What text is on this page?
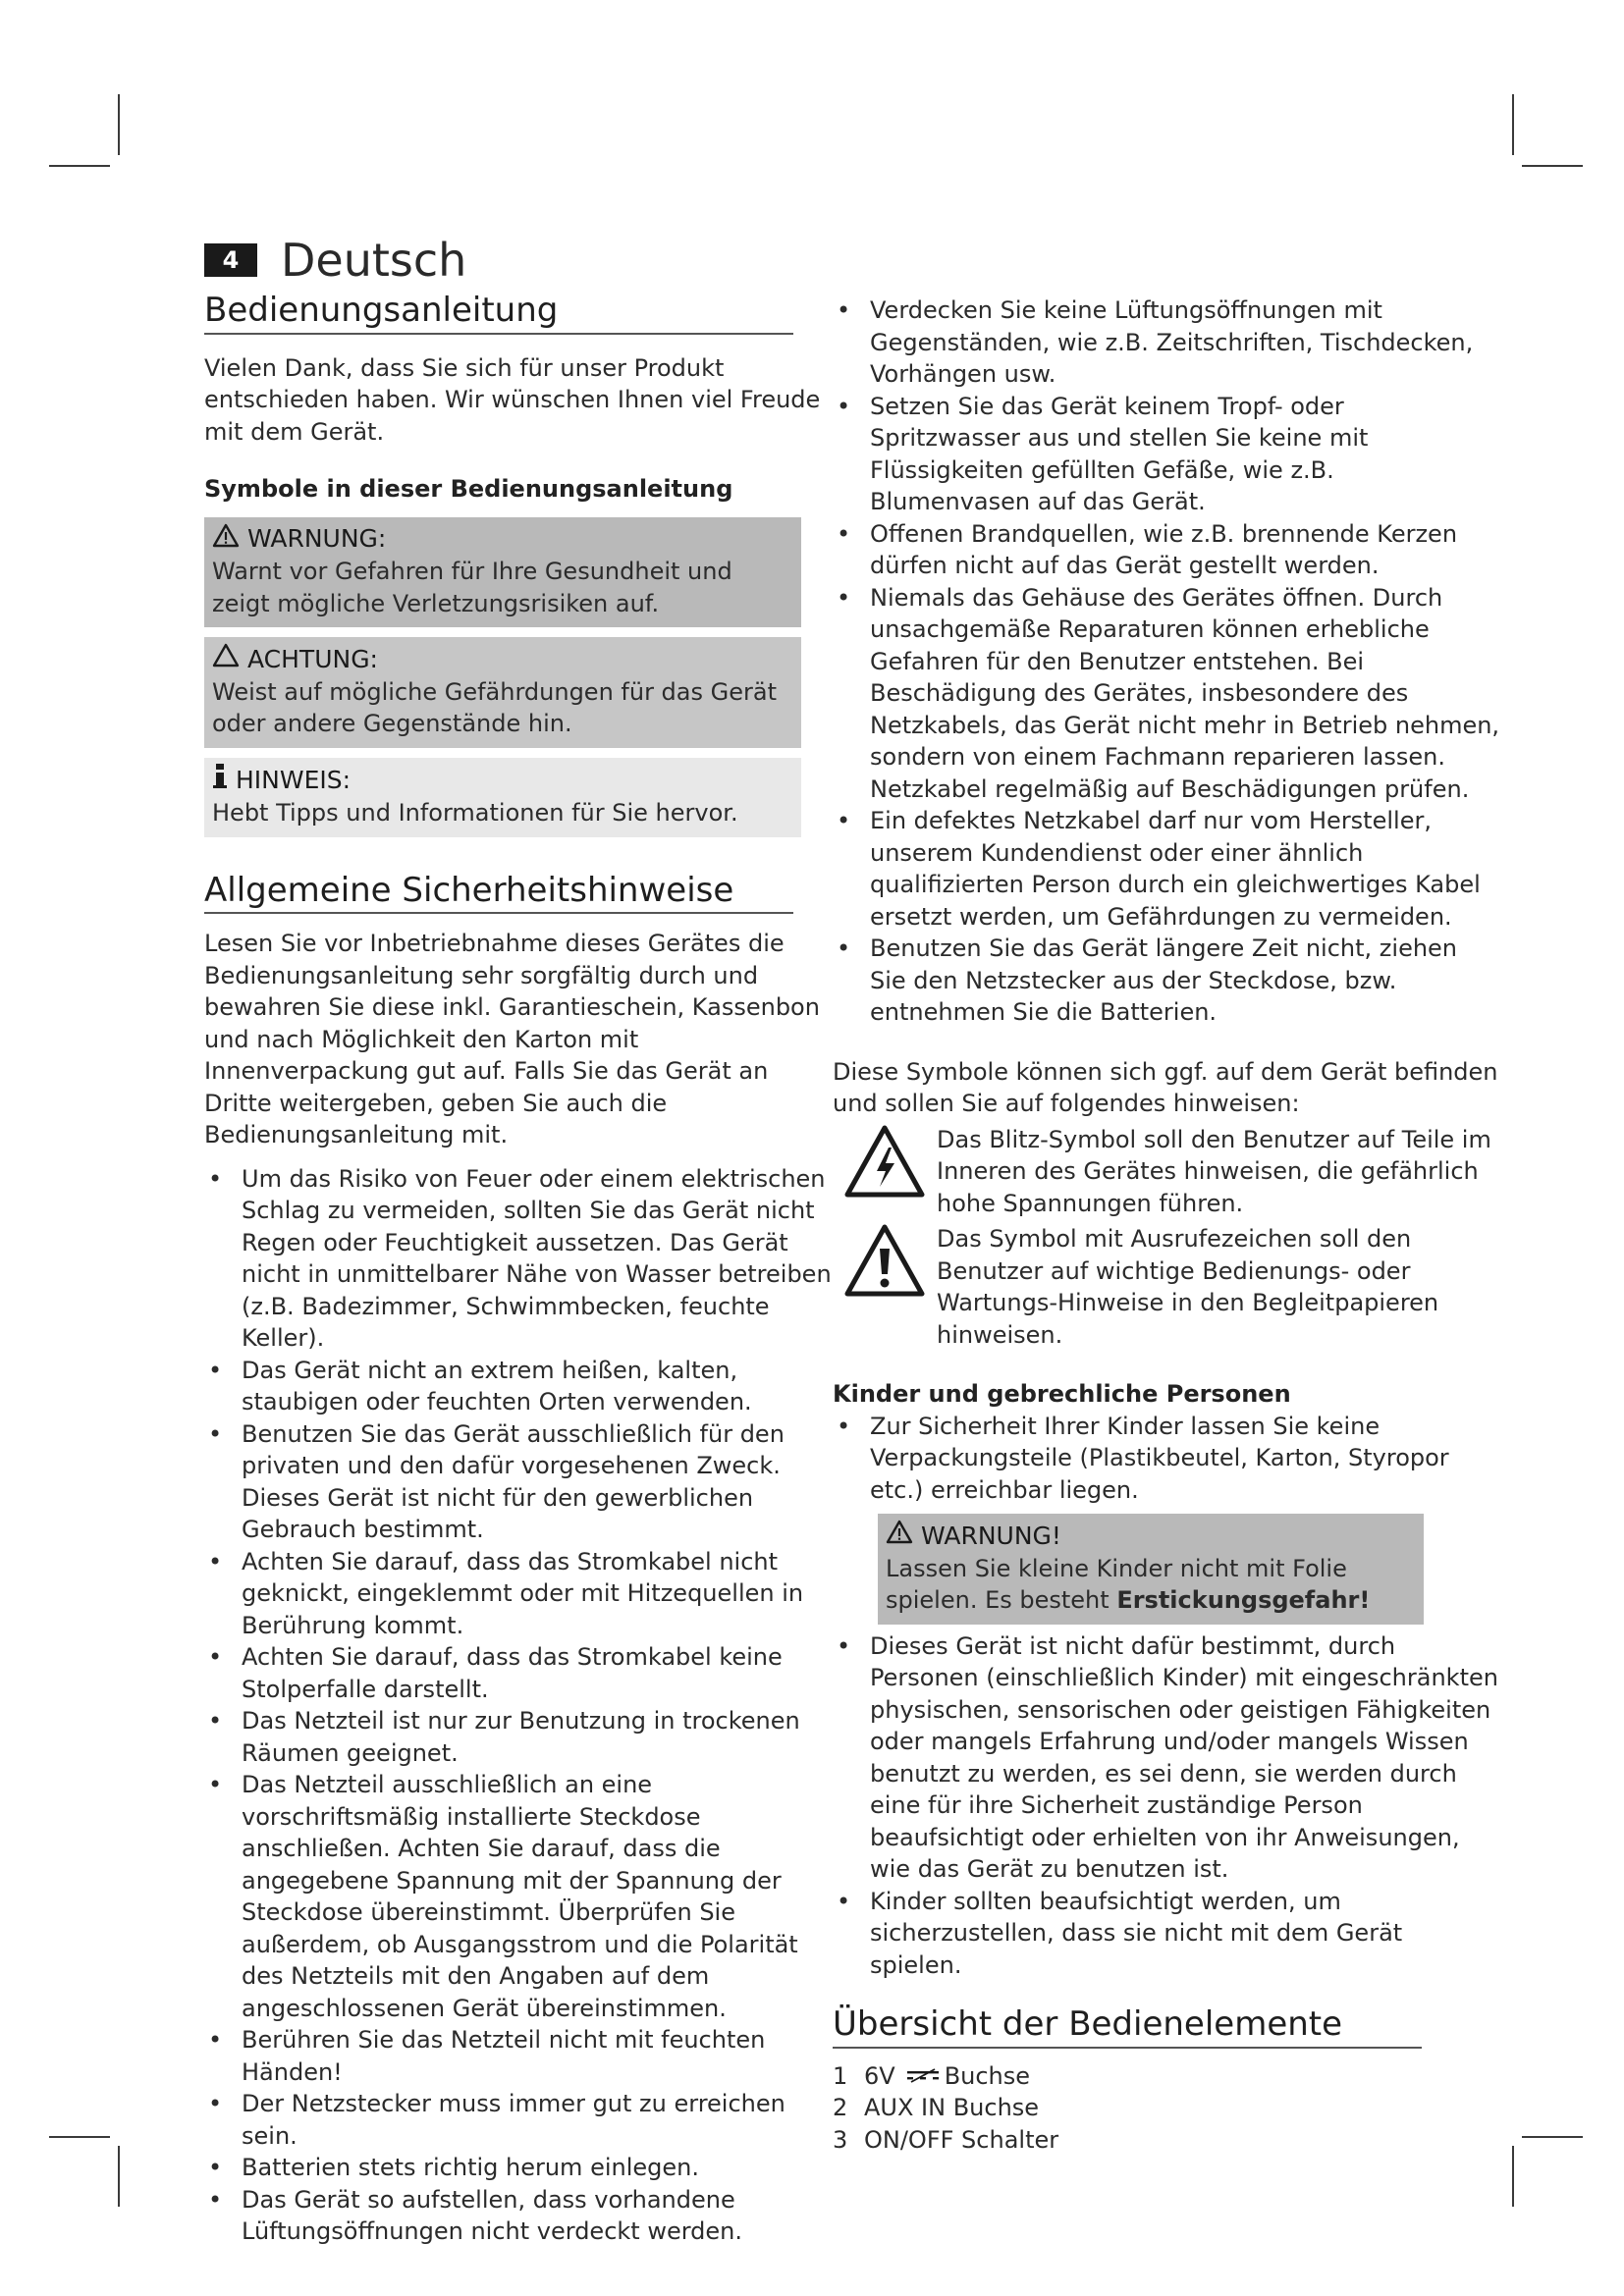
4 Deutsch
Bedienungsanleitung

Vielen Dank, dass Sie sich für unser Produkt entschieden haben. Wir wünschen Ihnen viel Freude mit dem Gerät.

Symbole in dieser Bedienungsanleitung
WARNUNG:
Warnt vor Gefahren für Ihre Gesundheit und zeigt mögliche Verletzungsrisiken auf.
ACHTUNG:
Weist auf mögliche Gefährdungen für das Gerät oder andere Gegenstände hin.
HINWEIS:
Hebt Tipps und Informationen für Sie hervor.
Allgemeine Sicherheitshinweise

Lesen Sie vor Inbetriebnahme dieses Gerätes die Bedienungsanleitung sehr sorgfältig durch und bewahren Sie diese inkl. Garantieschein, Kassenbon und nach Möglichkeit den Karton mit Innenverpackung gut auf. Falls Sie das Gerät an Dritte weitergeben, geben Sie auch die Bedienungsanleitung mit.

• Um das Risiko von Feuer oder einem elektrischen Schlag zu vermeiden, sollten Sie das Gerät nicht Regen oder Feuchtigkeit aussetzen. Das Gerät nicht in unmittelbarer Nähe von Wasser betreiben (z.B. Badezimmer, Schwimmbecken, feuchte Keller).
• Das Gerät nicht an extrem heißen, kalten, staubigen oder feuchten Orten verwenden.
• Benutzen Sie das Gerät ausschließlich für den privaten und den dafür vorgesehenen Zweck. Dieses Gerät ist nicht für den gewerblichen Gebrauch bestimmt.
• Achten Sie darauf, dass das Stromkabel nicht geknickt, eingeklemmt oder mit Hitzequellen in Berührung kommt.
• Achten Sie darauf, dass das Stromkabel keine Stolperfalle darstellt.
• Das Netzteil ist nur zur Benutzung in trockenen Räumen geeignet.
• Das Netzteil ausschließlich an eine vorschriftsmäßig installierte Steckdose anschließen. Achten Sie darauf, dass die angegebene Spannung mit der Spannung der Steckdose übereinstimmt. Überprüfen Sie außerdem, ob Ausgangsstrom und die Polarität des Netzteils mit den Angaben auf dem angeschlossenen Gerät übereinstimmen.
• Berühren Sie das Netzteil nicht mit feuchten Händen!
• Der Netzstecker muss immer gut zu erreichen sein.
• Batterien stets richtig herum einlegen.
• Das Gerät so aufstellen, dass vorhandene Lüftungsöffnungen nicht verdeckt werden.
• Verdecken Sie keine Lüftungsöffnungen mit Gegenständen, wie z.B. Zeitschriften, Tischdecken, Vorhängen usw.
• Setzen Sie das Gerät keinem Tropf- oder Spritzwasser aus und stellen Sie keine mit Flüssigkeiten gefüllten Gefäße, wie z.B. Blumenvasen auf das Gerät.
• Offenen Brandquellen, wie z.B. brennende Kerzen dürfen nicht auf das Gerät gestellt werden.
• Niemals das Gehäuse des Gerätes öffnen. Durch unsachgemäße Reparaturen können erhebliche Gefahren für den Benutzer entstehen. Bei Beschädigung des Gerätes, insbesondere des Netzkabels, das Gerät nicht mehr in Betrieb nehmen, sondern von einem Fachmann reparieren lassen. Netzkabel regelmäßig auf Beschädigungen prüfen.
• Ein defektes Netzkabel darf nur vom Hersteller, unserem Kundendienst oder einer ähnlich qualifizierten Person durch ein gleichwertiges Kabel ersetzt werden, um Gefährdungen zu vermeiden.
• Benutzen Sie das Gerät längere Zeit nicht, ziehen Sie den Netzstecker aus der Steckdose, bzw. entnehmen Sie die Batterien.

Diese Symbole können sich ggf. auf dem Gerät befinden und sollen Sie auf folgendes hinweisen:

Das Blitz-Symbol soll den Benutzer auf Teile im Inneren des Gerätes hinweisen, die gefährlich hohe Spannungen führen.
Das Symbol mit Ausrufezeichen soll den Benutzer auf wichtige Bedienungs- oder Wartungs-Hinweise in den Begleitpapieren hinweisen.
Kinder und gebrechliche Personen
• Zur Sicherheit Ihrer Kinder lassen Sie keine Verpackungsteile (Plastikbeutel, Karton, Styropor etc.) erreichbar liegen.
WARNUNG!
Lassen Sie kleine Kinder nicht mit Folie spielen. Es besteht Erstickungsgefahr!
• Dieses Gerät ist nicht dafür bestimmt, durch Personen (einschließlich Kinder) mit eingeschränkten physischen, sensorischen oder geistigen Fähigkeiten oder mangels Erfahrung und/oder mangels Wissen benutzt zu werden, es sei denn, sie werden durch eine für ihre Sicherheit zuständige Person beaufsichtigt oder erhielten von ihr Anweisungen, wie das Gerät zu benutzen ist.
• Kinder sollten beaufsichtigt werden, um sicherzustellen, dass sie nicht mit dem Gerät spielen.
Übersicht der Bedienelemente
1 6V Buchse
2 AUX IN Buchse
3 ON/OFF Schalter
